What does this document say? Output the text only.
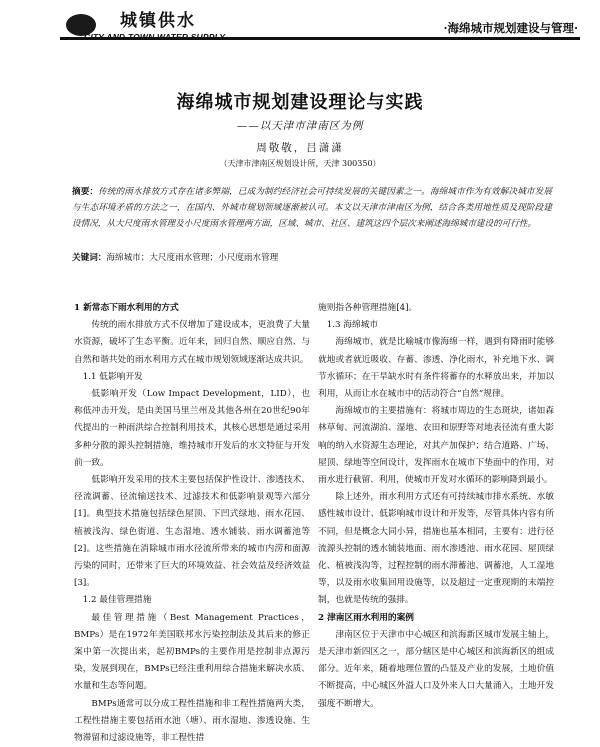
城镇供水	·海绵城市规划建设与管理·
海绵城市规划建设理论与实践
——以天津市津南区为例
周敬敬，吕潇潇
（天津市津南区规划设计所，天津 300350）
摘要：传统的雨水排放方式存在诸多弊端，已成为制约经济社会可持续发展的关键因素之一。海绵城市作为有效解决城市发展与生态环境矛盾的方法之一，在国内、外城市规划领域逐渐被认可。本文以天津市津南区为例，结合各类用地性质及现阶段建设情况，从大尺度雨水管理及小尺度雨水管理两方面，区域、城市、社区、建筑这四个层次来阐述海绵城市建设的可行性。
关键词：海绵城市；大尺度雨水管理；小尺度雨水管理

1 新常态下雨水利用的方式

传统的雨水排放方式不仅增加了建设成本，更浪费了大量水资源，破坏了生态平衡。近年来，回归自然、顺应自然、与自然和谐共处的雨水利用方式在城市规划领域逐渐达成共识。

1.1 低影响开发

低影响开发（Low Impact Development，LID），也称低冲击开发，是由美国马里兰州及其他各州在20世纪90年代提出的一种雨洪综合控制利用技术，其核心思想是通过采用多种分散的源头控制措施，维持城市开发后的水文特征与开发前一致。

低影响开发采用的技术主要包括保护性设计、渗透技术、径流调蓄、径流输送技术、过滤技术和低影响景观等六部分[1]。典型技术措施包括绿色屋顶、下凹式绿地、雨水花园、植被浅沟、绿色街道、生态湿地、透水铺装、雨水调蓄池等[2]。这些措施在消除城市雨水径流所带来的城市内涝和面源污染的同时，还带来了巨大的环境效益、社会效益及经济效益[3]。

1.2 最佳管理措施

最佳管理措施（Best Management Practices，BMPs）是在1972年美国联邦水污染控制法及其后来的修正案中第一次提出来，起初BMPs的主要作用是控制非点源污染，发展到现在，BMPs已经注重利用综合措施来解决水质、水量和生态等问题。

BMPs通常可以分成工程性措施和非工程性措施两大类，工程性措施主要包括雨水池（塘）、雨水湿地、渗透设施、生物滞留和过滤设施等，非工程性措

施则指各种管理措施[4]。

1.3 海绵城市

海绵城市，就是比喻城市像海绵一样，遇到有降雨时能够就地或者就近吸收、存蓄、渗透、净化雨水，补充地下水、调节水循环；在干旱缺水时有条件将蓄存的水释放出来，并加以利用，从而让水在城市中的活动符合“自然”规律。

海绵城市的主要措施有：将城市周边的生态斑块，诸如森林草甸、河流湖泊、湿地、农田和原野等对地表径流有重大影响的纳入水资源生态理论，对其产加保护；结合道路、广场、屋顶、绿地等空间设计，发挥雨水在城市下垫面中的作用，对雨水进行截留、利用，使城市开发对水循环的影响降到最小。

除上述外，雨水利用方式还有可持续城市排水系统、水敏感性城市设计、低影响城市设计和开发等，尽管具体内容有所不同，但是概念大同小异，措施也基本相同，主要有：进行径流源头控制的透水铺装地面、雨水渗透池、雨水花园、屋顶绿化、植被浅沟等，过程控制的雨水滞蓄池、调蓄池，人工湿地等，以及雨水收集回用设施等，以及超过一定重现期的末端控制，也就是传统的强排。

2 津南区雨水利用的案例

津南区位于天津市中心城区和滨海新区城市发展主轴上，是天津市新四区之一，部分辖区是中心城区和滨海新区的组成部分。近年来，随着地理位置的凸显及产业的发展，土地价值不断提高，中心城区外溢人口及外来人口大量涌入，土地开发强度不断增大。
